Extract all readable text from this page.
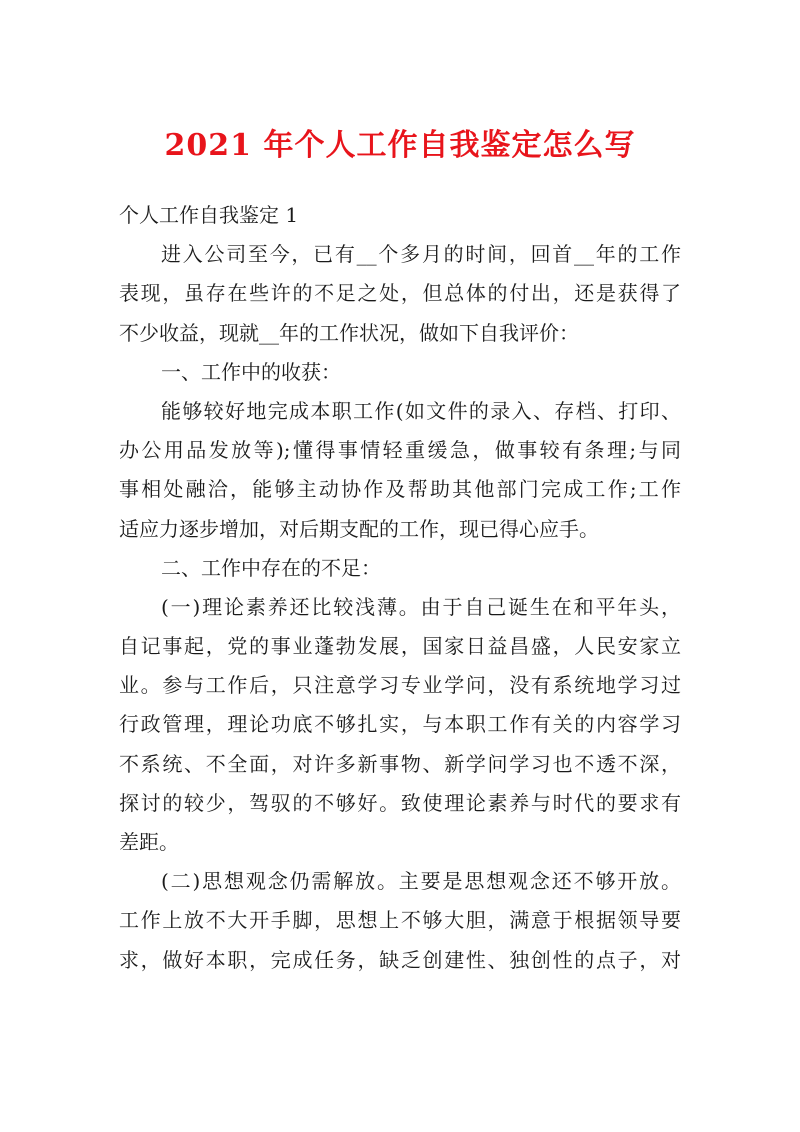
2021 年个人工作自我鉴定怎么写
个人工作自我鉴定 1
进入公司至今，已有__个多月的时间，回首__年的工作
表现，虽存在些许的不足之处，但总体的付出，还是获得了
不少收益，现就__年的工作状况，做如下自我评价：
一、工作中的收获：
能够较好地完成本职工作(如文件的录入、存档、打印、
办公用品发放等);懂得事情轻重缓急，做事较有条理;与同
事相处融洽，能够主动协作及帮助其他部门完成工作;工作
适应力逐步增加，对后期支配的工作，现已得心应手。
二、工作中存在的不足：
(一)理论素养还比较浅薄。由于自己诞生在和平年头，
自记事起，党的事业蓬勃发展，国家日益昌盛，人民安家立
业。参与工作后，只注意学习专业学问，没有系统地学习过
行政管理，理论功底不够扎实，与本职工作有关的内容学习
不系统、不全面，对许多新事物、新学问学习也不透不深，
探讨的较少，驾驭的不够好。致使理论素养与时代的要求有
差距。
(二)思想观念仍需解放。主要是思想观念还不够开放。
工作上放不大开手脚，思想上不够大胆，满意于根据领导要
求，做好本职，完成任务，缺乏创建性、独创性的点子，对
